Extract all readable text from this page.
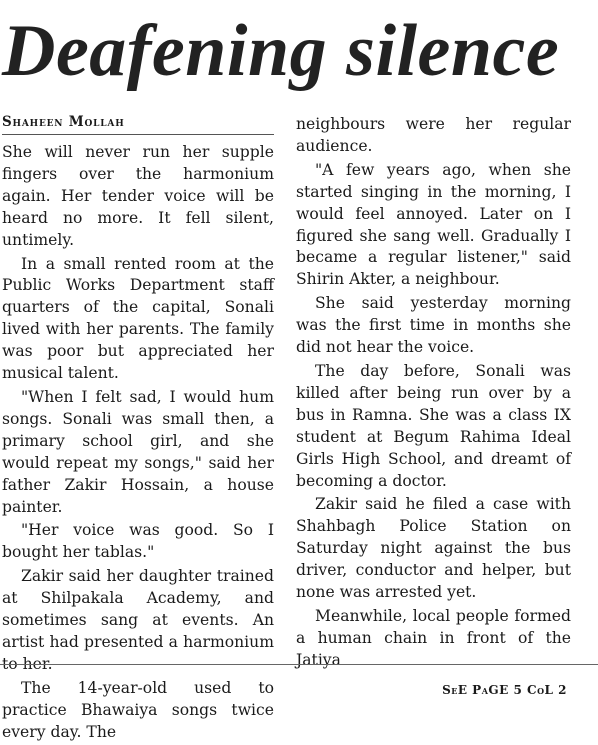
Deafening silence
Shaheen Mollah

She will never run her supple fingers over the harmonium again. Her tender voice will be heard no more. It fell silent, untimely.

In a small rented room at the Public Works Department staff quarters of the capital, Sonali lived with her parents. The family was poor but appreciated her musical talent.

"When I felt sad, I would hum songs. Sonali was small then, a primary school girl, and she would repeat my songs," said her father Zakir Hossain, a house painter.

"Her voice was good. So I bought her tablas."

Zakir said her daughter trained at Shilpakala Academy, and sometimes sang at events. An artist had presented a harmonium to her.

The 14-year-old used to practice Bhawaiya songs twice every day. The

neighbours were her regular audience.

"A few years ago, when she started singing in the morning, I would feel annoyed. Later on I figured she sang well. Gradually I became a regular listener," said Shirin Akter, a neighbour.

She said yesterday morning was the first time in months she did not hear the voice.

The day before, Sonali was killed after being run over by a bus in Ramna. She was a class IX student at Begum Rahima Ideal Girls High School, and dreamt of becoming a doctor.

Zakir said he filed a case with Shahbagh Police Station on Saturday night against the bus driver, conductor and helper, but none was arrested yet.

Meanwhile, local people formed a human chain in front of the Jatiya

SeE PaGE 5 CoL 2
